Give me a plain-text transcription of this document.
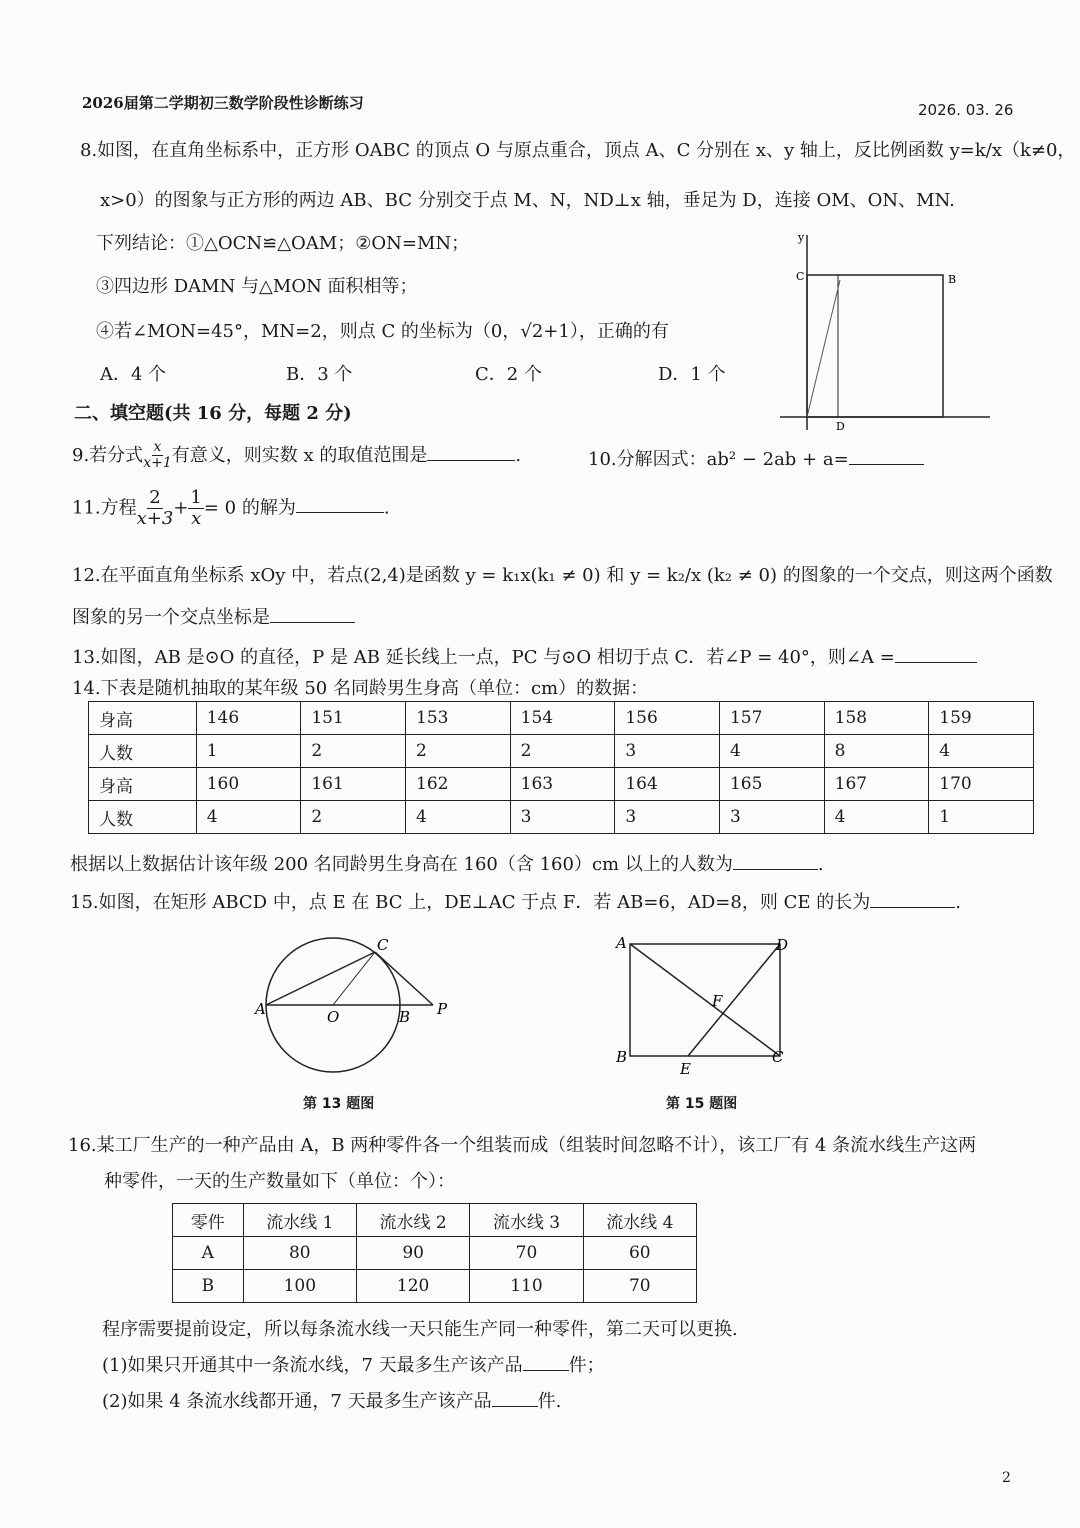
2026届第二学期初三数学阶段性诊断练习	2026. 03. 26
8.如图，在直角坐标系中，正方形 OABC 的顶点 O 与原点重合，顶点 A、C 分别在 x、y 轴上，反比例函数 y=k/x（k≠0，
x>0）的图象与正方形的两边 AB、BC 分别交于点 M、N，ND⊥x 轴，垂足为 D，连接 OM、ON、MN.
下列结论：①△OCN≌△OAM；②ON=MN；
③四边形 DAMN 与△MON 面积相等；
④若∠MON=45°，MN=2，则点 C 的坐标为（0，√2+1），正确的有
A．4 个	B．3 个	C．2 个	D．1 个
y
C	B
D
二、填空题(共 16 分，每题 2 分)
9.若分式 $\frac{x}{x+1}$ 有意义，则实数 x 的取值范围是	.	10.分解因式：ab² − 2ab + a=
11.方程 $\frac{2}{x+3} + \frac{1}{x} = 0$ 的解为	.
12.在平面直角坐标系 xOy 中，若点(2,4)是函数 y = k₁x(k₁ ≠ 0) 和 y = k₂/x (k₂ ≠ 0) 的图象的一个交点，则这两个函数
图象的另一个交点坐标是
13.如图，AB 是⊙O 的直径，P 是 AB 延长线上一点，PC 与⊙O 相切于点 C．若∠P = 40°，则∠A =
14.下表是随机抽取的某年级 50 名同龄男生身高（单位：cm）的数据：
身高	146	151	153	154	156	157	158	159
人数	1	2	2	2	3	4	8	4
身高	160	161	162	163	164	165	167	170
人数	4	2	4	3	3	3	4	1
根据以上数据估计该年级 200 名同龄男生身高在 160（含 160）cm 以上的人数为	.
15.如图，在矩形 ABCD 中，点 E 在 BC 上，DE⊥AC 于点 F．若 AB=6，AD=8，则 CE 的长为	.
A	O	B
C
P
第 13 题图
A	D
B	C
E
F
第 15 题图
16.某工厂生产的一种产品由 A，B 两种零件各一个组装而成（组装时间忽略不计），该工厂有 4 条流水线生产这两
种零件，一天的生产数量如下（单位：个）：
零件	流水线 1	流水线 2	流水线 3	流水线 4
A	80	90	70	60
B	100	120	110	70
程序需要提前设定，所以每条流水线一天只能生产同一种零件，第二天可以更换.
(1)如果只开通其中一条流水线，7 天最多生产该产品	件；
(2)如果 4 条流水线都开通，7 天最多生产该产品	件.
2
